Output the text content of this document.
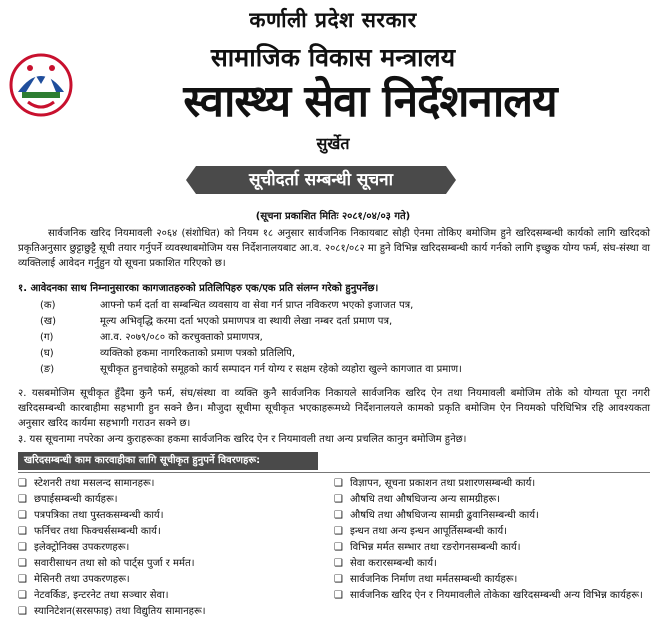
कर्णाली प्रदेश सरकार
सामाजिक विकास मन्त्रालय
स्वास्थ्य सेवा निर्देशनालय
सुर्खेत
सूचीदर्ता सम्बन्धी सूचना
(सूचना प्रकाशित मितिः २०८१/०४/०३ गते)
सार्वजनिक खरिद नियमावली २०६४ (संशोधित) को नियम १८ अनुसार सार्वजनिक निकायबाट सोही ऐनमा तोकिए बमोजिम हुने खरिदसम्बन्धी कार्यको लागि खरिदको प्रकृतिअनुसार छुट्टाछुट्टै सूची तयार गर्नुपर्ने व्यवस्थाबमोजिम यस निर्देशनालयबाट आ.व. २०८१/०८२ मा हुने विभिन्न खरिदसम्बन्धी कार्य गर्नको लागि इच्छुक योग्य फर्म, संघ-संस्था वा व्यक्तिलाई आवेदन गर्नुहुन यो सूचना प्रकाशित गरिएको छ।
१. आवेदनका साथ निम्नानुसारका कागजातहरुको प्रतिलिपिहरु एक/एक प्रति संलग्न गरेको हुनुपर्नेछ।
(क)	आफ्नो फर्म दर्ता वा सम्बन्धित व्यवसाय वा सेवा गर्न प्राप्त नविकरण भएको इजाजत पत्र,
(ख)	मूल्य अभिवृद्धि करमा दर्ता भएको प्रमाणपत्र वा स्थायी लेखा नम्बर दर्ता प्रमाण पत्र,
(ग)	आ.व. २०७९/०८० को करचुक्ताको प्रमाणपत्र,
(घ)	व्यक्तिको हकमा नागरिकताको प्रमाण पत्रको प्रतिलिपि,
(ङ)	सूचीकृत हुनचाहेको समूहको कार्य सम्पादन गर्न योग्य र सक्षम रहेको व्यहोरा खुल्ने कागजात वा प्रमाण।
२. यसबमोजिम सूचीकृत हुँदैमा कुनै फर्म, संघ/संस्था वा व्यक्ति कुनै सार्वजनिक निकायले सार्वजनिक खरिद ऐन तथा नियमावली बमोजिम तोके को योग्यता पूरा नगरी खरिदसम्बन्धी कारबाहीमा सहभागी हुन सक्ने छैन। मौजुदा सूचीमा सूचीकृत भएकाहरूमध्ये निर्देशनालयले कामको प्रकृति बमोजिम ऐन नियमको परिधिभित्र रहि आवश्यकता अनुसार खरिद कार्यमा सहभागी गराउन सक्ने छ।
३. यस सूचनामा नपरेका अन्य कुराहरूका हकमा सार्वजनिक खरिद ऐन र नियमावली तथा अन्य प्रचलित कानुन बमोजिम हुनेछ।
खरिदसम्बन्धी काम कारवाहीका लागि सूचीकृत हुनुपर्ने विवरणहरू:
❑ स्टेशनरी तथा मसलन्द सामानहरू।
❑ छपाईसम्बन्धी कार्यहरू।
❑ पत्रपत्रिका तथा पुस्तकसम्बन्धी कार्य।
❑ फर्निचर तथा फिक्चर्ससम्बन्धी कार्य।
❑ इलेक्ट्रोनिक्स उपकरणहरू।
❑ सवारीसाधन तथा सो को पार्ट्स पुर्जा र मर्मत।
❑ मेसिनरी तथा उपकरणहरू।
❑ नेटवर्किङ, इन्टरनेट तथा सञ्चार सेवा।
❑ स्यानिटेशन(सरसफाइ) तथा विद्युतिय सामानहरू।
❑ विज्ञापन, सूचना प्रकाशन तथा प्रशारणसम्बन्धी कार्य।
❑ औषधि तथा औषधिजन्य अन्य सामग्रीहरू।
❑ औषधि तथा औषधिजन्य सामग्री ढुवानिसम्बन्धी कार्य।
❑ इन्धन तथा अन्य इन्धन आपूर्तिसम्बन्धी कार्य।
❑ विभिन्न मर्मत सम्भार तथा रङरोगनसम्बन्धी कार्य।
❑ सेवा करारसम्बन्धी कार्य।
❑ सार्वजनिक निर्माण तथा मर्मतसम्बन्धी कार्यहरू।
❑ सार्वजनिक खरिद ऐन र नियमावलीले तोकेका खरिदसम्बन्धी अन्य विभिन्न कार्यहरू।
